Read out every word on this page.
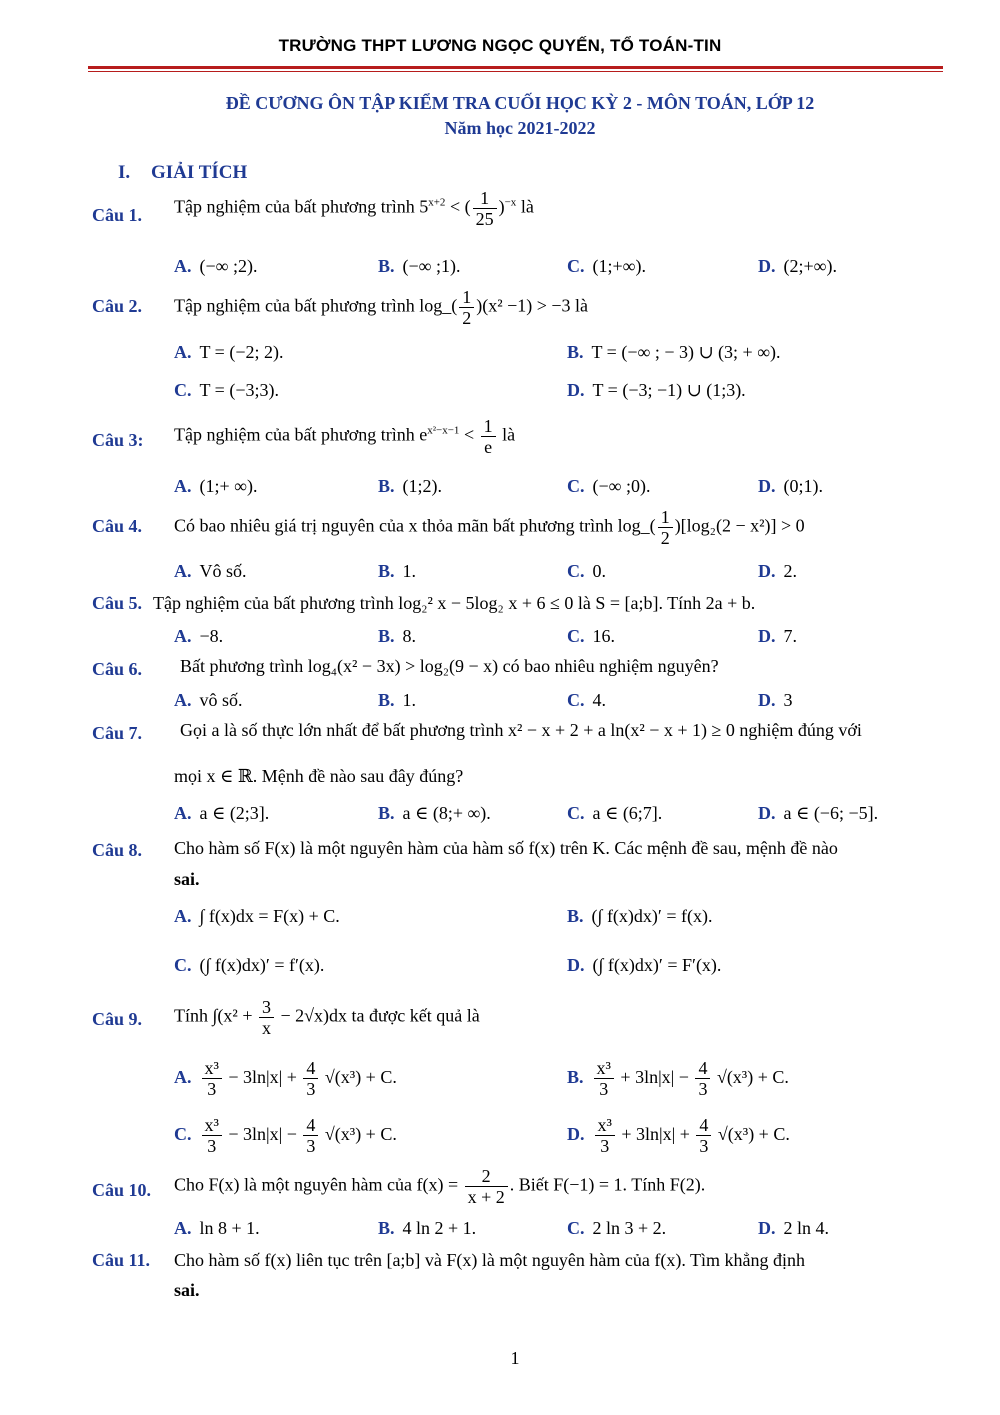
TRƯỜNG THPT LƯƠNG NGỌC QUYẾN, TỔ TOÁN-TIN
ĐỀ CƯƠNG ÔN TẬP KIỂM TRA CUỐI HỌC KỲ 2 - MÔN TOÁN, LỚP 12
Năm học 2021-2022
I. GIẢI TÍCH
Câu 1. Tập nghiệm của bất phương trình $5^{x+2}$ < ( $\frac{1}{25} )^{-x}$ là
A. (−∞ ;2).	B. (−∞ ;1).	C. (1;+∞).	D. (2;+∞).
Câu 2. Tập nghiệm của bất phương trình log_( $\frac{1}{2} )(x^2 -1) > -3$ là
A. T = (−2; 2).	B. T = (−∞ ; − 3) ∪ (3; + ∞).
C. T = (−3;3).	D. T = (−3; −1) ∪ (1;3).
Câu 3: Tập nghiệm của bất phương trình $e^{x^2-x-1} < \frac{1}{e}$ là
A. (1;+ ∞).	B. (1;2).	C. (−∞ ;0).	D. (0;1).
Câu 4. Có bao nhiêu giá trị nguyên của x thỏa mãn bất phương trình log_( $\frac{1}{2} )[\log_2(2 - x^2)] > 0$
A. Vô số.	B. 1.	C. 0.	D. 2.
Câu 5. Tập nghiệm của bất phương trình log₂² x − 5log₂ x + 6 ≤ 0 là S = [a;b]. Tính 2a + b.
A. −8.	B. 8.	C. 16.	D. 7.
Câu 6. Bất phương trình log₄(x² − 3x) > log₂(9 − x) có bao nhiêu nghiệm nguyên?
A. vô số.	B. 1.	C. 4.	D. 3
Câu 7. Gọi a là số thực lớn nhất để bất phương trình x² − x + 2 + a ln(x² − x + 1) ≥ 0 nghiệm đúng với
mọi x ∈ ℝ. Mệnh đề nào sau đây đúng?
A. a ∈ (2;3].	B. a ∈ (8;+ ∞).	C. a ∈ (6;7].	D. a ∈ (−6; −5].
Câu 8. Cho hàm số F(x) là một nguyên hàm của hàm số f(x) trên K. Các mệnh đề sau, mệnh đề nào
sai.
A. ∫ f(x)dx = F(x) + C.	B. (∫ f(x)dx)′ = f(x).
C. (∫ f(x)dx)′ = f′(x).	D. (∫ f(x)dx)′ = F′(x).
Câu 9. Tính $\int(x^2 + \frac{3}{x} - 2√x)dx$ ta được kết quả là
A. $\frac{\text{x³}}{3} - 3\ln|x| + \frac{4}{3} √(x^3) + C$.	B. $\frac{\text{x³}}{3} + 3\ln|x| - \frac{4}{3} √(x^3) + C$.
C. $\frac{\text{x³}}{3} - 3\ln|x| - \frac{4}{3} √(x^3) + C$.	D. $\frac{\text{x³}}{3} + 3\ln|x| + \frac{4}{3} √(x^3) + C$.
Câu 10. Cho F(x) là một nguyên hàm của $f(x) = \frac{2}{x + 2}$ . Biết F(−1) = 1. Tính F(2).
A. ln 8 + 1.	B. 4 ln 2 + 1.	C. 2 ln 3 + 2.	D. 2 ln 4.
Câu 11. Cho hàm số f(x) liên tục trên [a;b] và F(x) là một nguyên hàm của f(x). Tìm khẳng định
sai.
1
